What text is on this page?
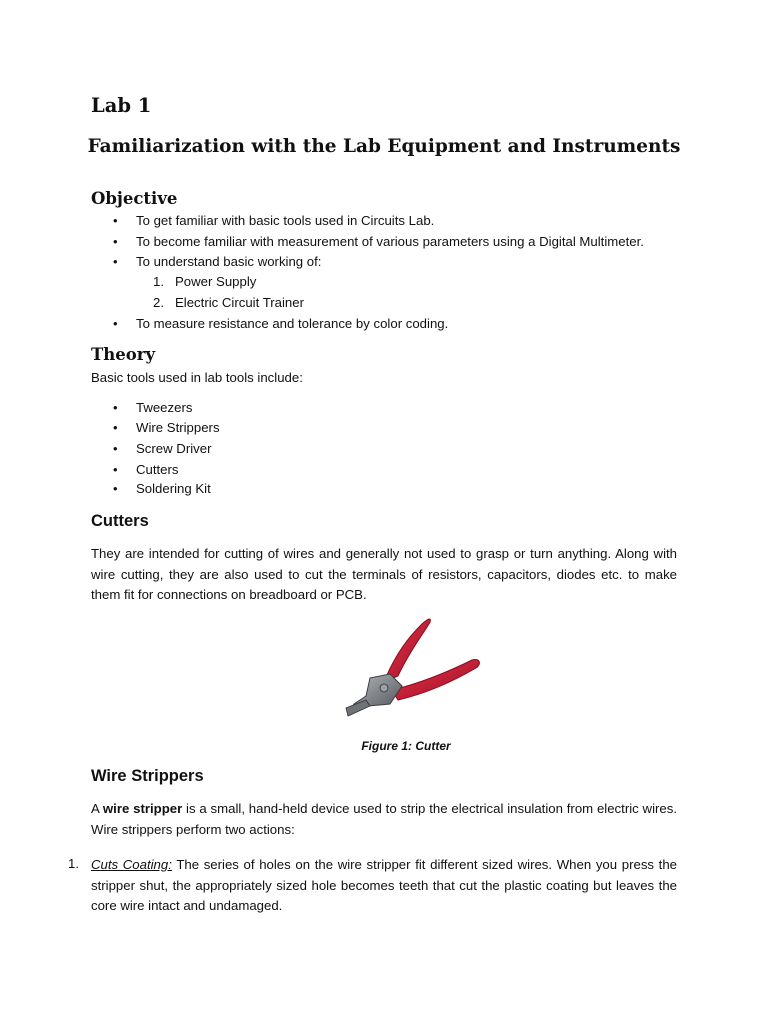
Lab 1
Familiarization with the Lab Equipment and Instruments
Objective
• To get familiar with basic tools used in Circuits Lab.
• To become familiar with measurement of various parameters using a Digital Multimeter.
• To understand basic working of:
1. Power Supply
2. Electric Circuit Trainer
• To measure resistance and tolerance by color coding.
Theory
Basic tools used in lab tools include:
• Tweezers
• Wire Strippers
• Screw Driver
• Cutters
• Soldering Kit
Cutters
They are intended for cutting of wires and generally not used to grasp or turn anything. Along with wire cutting, they are also used to cut the terminals of resistors, capacitors, diodes etc. to make them fit for connections on breadboard or PCB.
Figure 1: Cutter
Wire Strippers
A wire stripper is a small, hand-held device used to strip the electrical insulation from electric wires. Wire strippers perform two actions:
1. Cuts Coating: The series of holes on the wire stripper fit different sized wires. When you press the stripper shut, the appropriately sized hole becomes teeth that cut the plastic coating but leaves the core wire intact and undamaged.
